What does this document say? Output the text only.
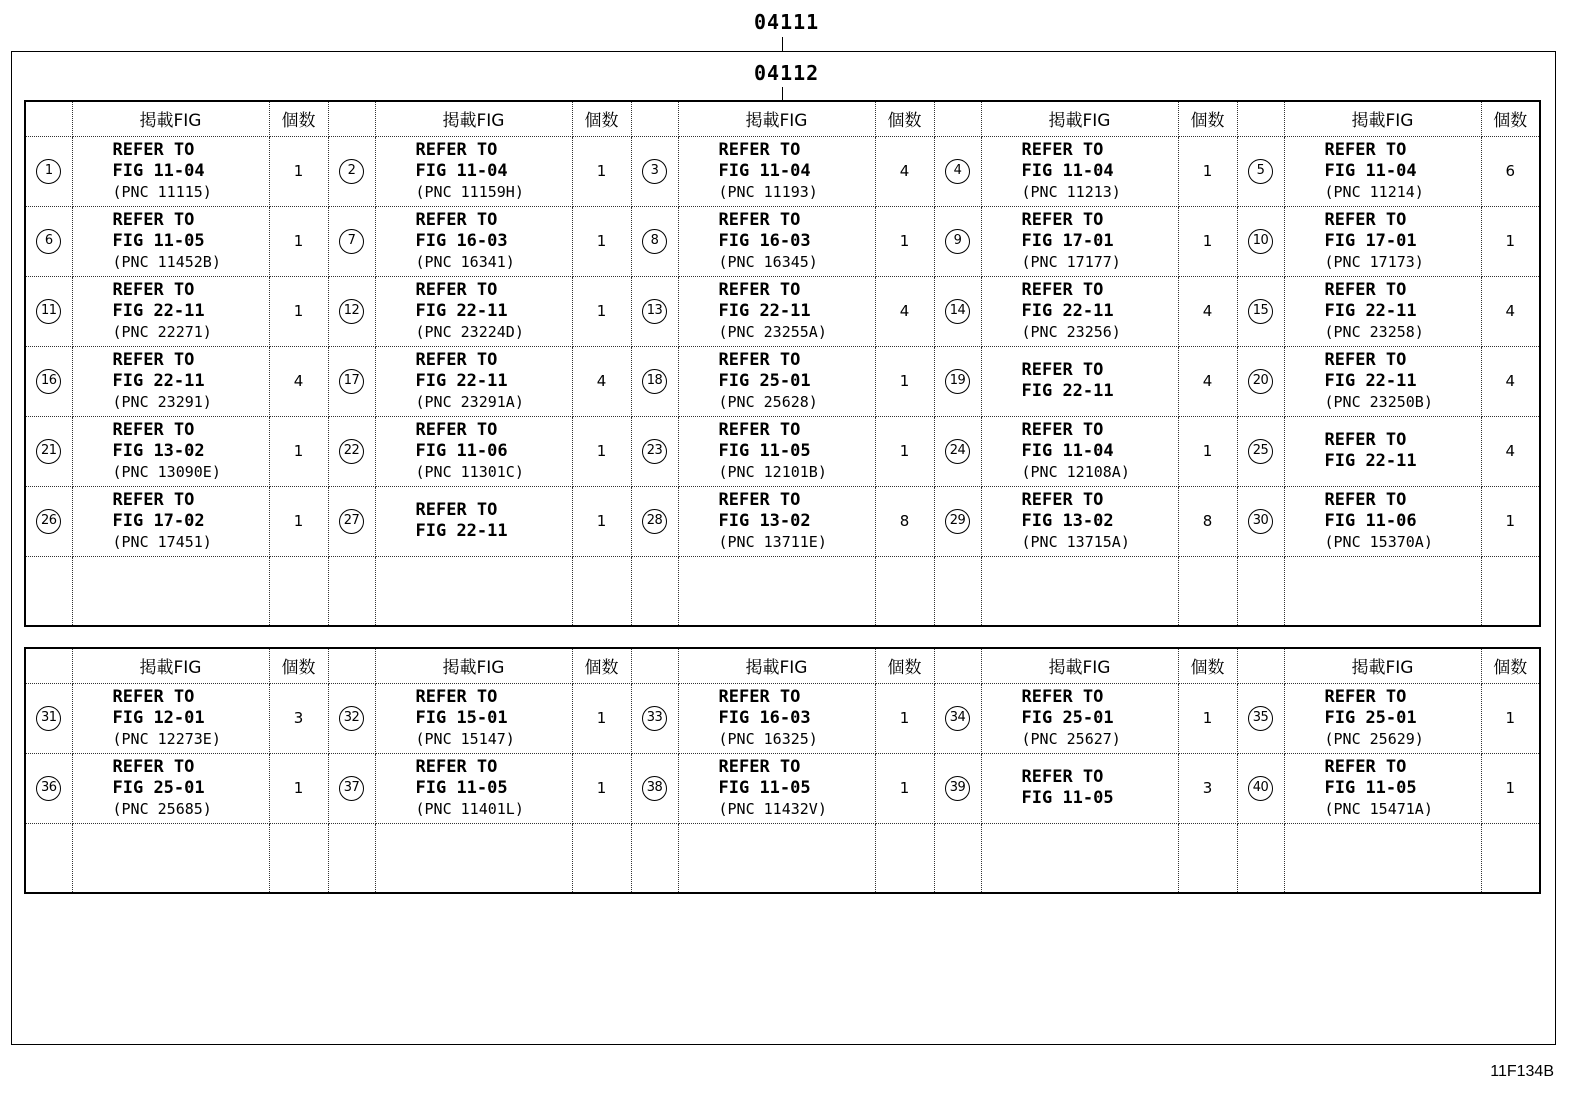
04111
04112
	掲載FIG	個数		掲載FIG	個数		掲載FIG	個数		掲載FIG	個数		掲載FIG	個数
1	REFER TO
FIG 11-04
(PNC 11115)	1	2	REFER TO
FIG 11-04
(PNC 11159H)	1	3	REFER TO
FIG 11-04
(PNC 11193)	4	4	REFER TO
FIG 11-04
(PNC 11213)	1	5	REFER TO
FIG 11-04
(PNC 11214)	6
6	REFER TO
FIG 11-05
(PNC 11452B)	1	7	REFER TO
FIG 16-03
(PNC 16341)	1	8	REFER TO
FIG 16-03
(PNC 16345)	1	9	REFER TO
FIG 17-01
(PNC 17177)	1	10	REFER TO
FIG 17-01
(PNC 17173)	1
11	REFER TO
FIG 22-11
(PNC 22271)	1	12	REFER TO
FIG 22-11
(PNC 23224D)	1	13	REFER TO
FIG 22-11
(PNC 23255A)	4	14	REFER TO
FIG 22-11
(PNC 23256)	4	15	REFER TO
FIG 22-11
(PNC 23258)	4
16	REFER TO
FIG 22-11
(PNC 23291)	4	17	REFER TO
FIG 22-11
(PNC 23291A)	4	18	REFER TO
FIG 25-01
(PNC 25628)	1	19	REFER TO
FIG 22-11	4	20	REFER TO
FIG 22-11
(PNC 23250B)	4
21	REFER TO
FIG 13-02
(PNC 13090E)	1	22	REFER TO
FIG 11-06
(PNC 11301C)	1	23	REFER TO
FIG 11-05
(PNC 12101B)	1	24	REFER TO
FIG 11-04
(PNC 12108A)	1	25	REFER TO
FIG 22-11	4
26	REFER TO
FIG 17-02
(PNC 17451)	1	27	REFER TO
FIG 22-11	1	28	REFER TO
FIG 13-02
(PNC 13711E)	8	29	REFER TO
FIG 13-02
(PNC 13715A)	8	30	REFER TO
FIG 11-06
(PNC 15370A)	1

	掲載FIG	個数		掲載FIG	個数		掲載FIG	個数		掲載FIG	個数		掲載FIG	個数
31	REFER TO
FIG 12-01
(PNC 12273E)	3	32	REFER TO
FIG 15-01
(PNC 15147)	1	33	REFER TO
FIG 16-03
(PNC 16325)	1	34	REFER TO
FIG 25-01
(PNC 25627)	1	35	REFER TO
FIG 25-01
(PNC 25629)	1
36	REFER TO
FIG 25-01
(PNC 25685)	1	37	REFER TO
FIG 11-05
(PNC 11401L)	1	38	REFER TO
FIG 11-05
(PNC 11432V)	1	39	REFER TO
FIG 11-05	3	40	REFER TO
FIG 11-05
(PNC 15471A)	1

11F134B
